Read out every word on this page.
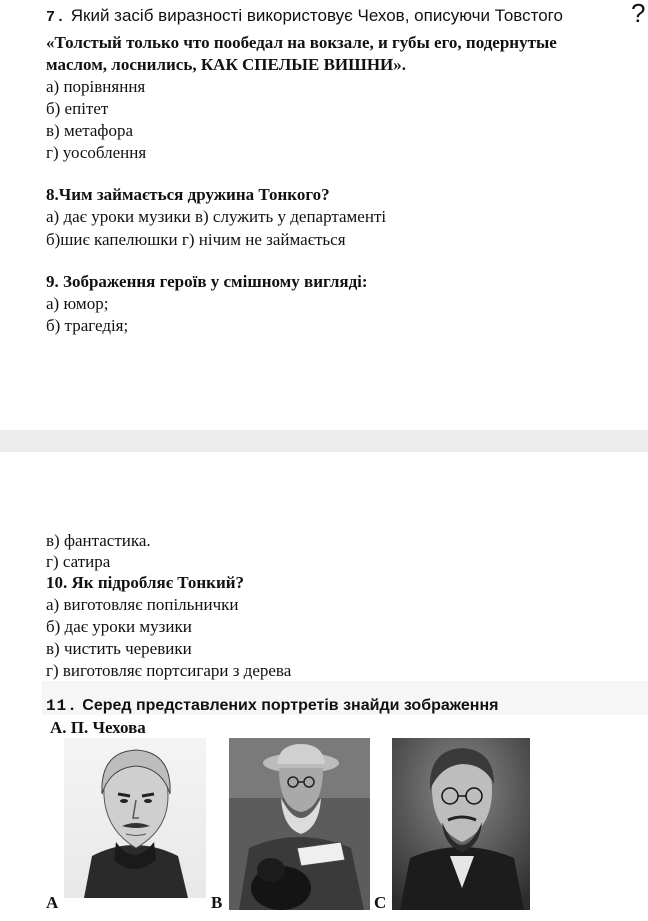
7. Який засіб виразності використовує Чехов, описуючи Товстого	?
«Толстый только что пообедал на вокзале, и губы его, подернутые
маслом, лоснились, КАК СПЕЛЫЕ ВИШНИ».
а) порівняння
б) епітет
в) метафора
г) уособлення
8.Чим займається дружина Тонкого?
а) дає уроки музики в) служить у департаменті
б)шиє капелюшки г) нічим не займається
9. Зображення героїв у смішному вигляді:
а) юмор;
б) трагедія;
в) фантастика.
г) сатира
10. Як підробляє Тонкий?
а) виготовляє попільнички
б) дає уроки музики
в) чистить черевики
г) виготовляє портсигари з дерева
11. Серед представлених портретів знайди зображення
А. П. Чехова
A	B	C
